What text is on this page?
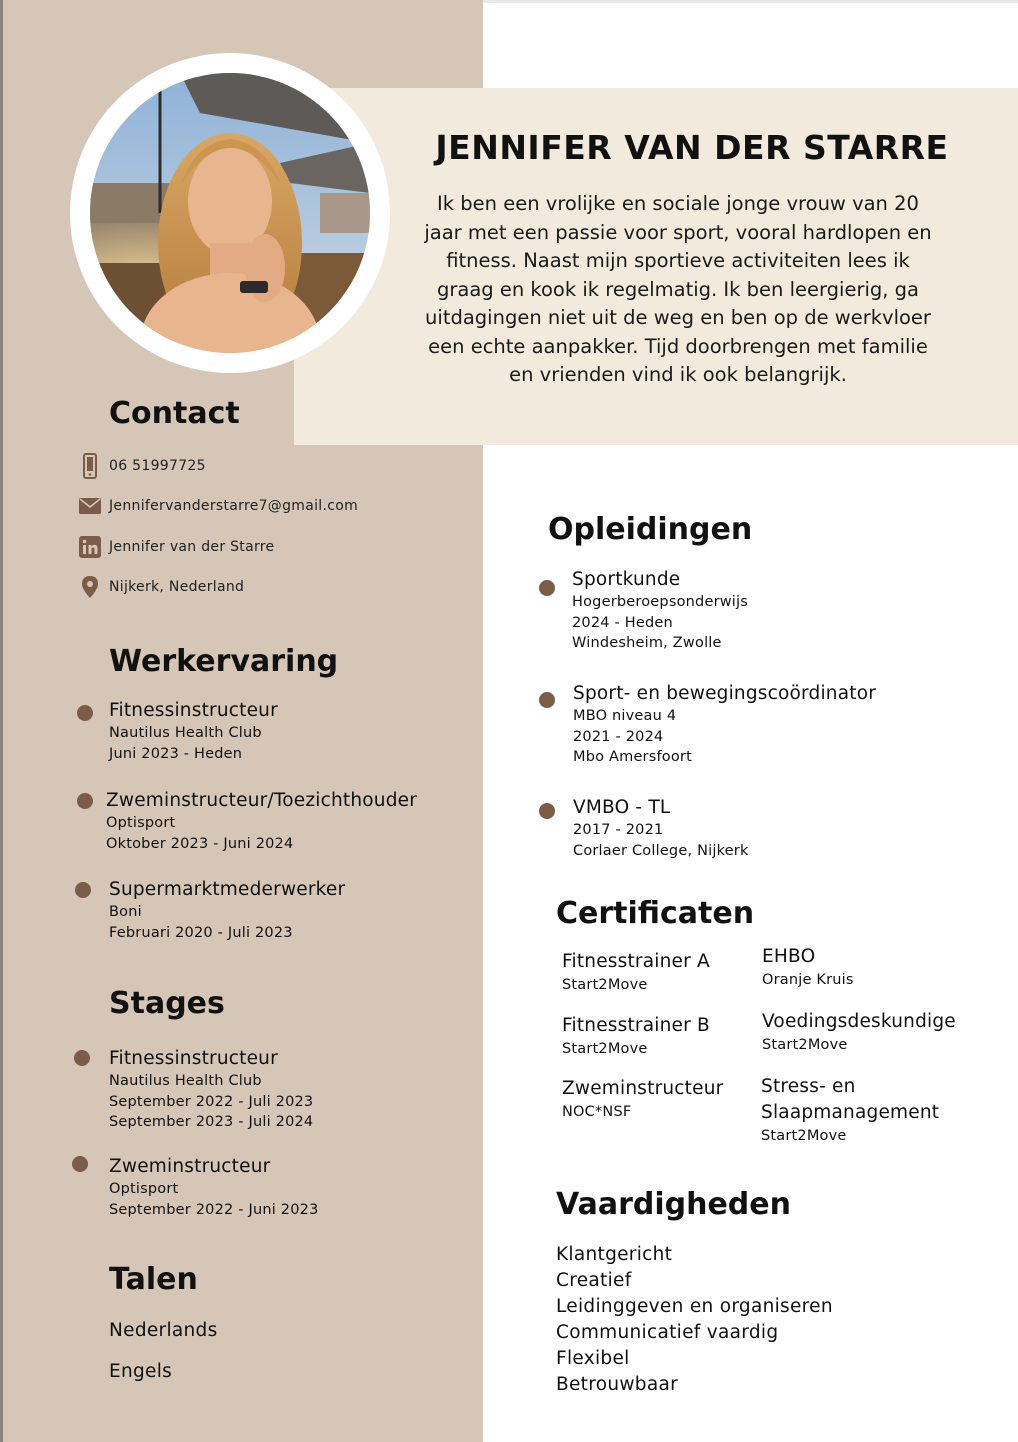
JENNIFER VAN DER STARRE
Ik ben een vrolijke en sociale jonge vrouw van 20 jaar met een passie voor sport, vooral hardlopen en fitness. Naast mijn sportieve activiteiten lees ik graag en kook ik regelmatig. Ik ben leergierig, ga uitdagingen niet uit de weg en ben op de werkvloer een echte aanpakker. Tijd doorbrengen met familie en vrienden vind ik ook belangrijk.
Contact
06 51997725
Jennifervanderstarre7@gmail.com
Jennifer van der Starre
Nijkerk, Nederland
Werkervaring
Fitnessinstructeur
Nautilus Health Club
Juni 2023 - Heden
Zweminstructeur/Toezichthouder
Optisport
Oktober 2023 - Juni 2024
Supermarktmederwerker
Boni
Februari 2020 - Juli 2023
Stages
Fitnessinstructeur
Nautilus Health Club
September 2022 - Juli 2023
September 2023 - Juli 2024
Zweminstructeur
Optisport
September 2022 - Juni 2023
Talen
Nederlands
Engels
Opleidingen
Sportkunde
Hogerberoepsonderwijs
2024 - Heden
Windesheim, Zwolle
Sport- en bewegingscoördinator
MBO niveau 4
2021 - 2024
Mbo Amersfoort
VMBO - TL
2017 - 2021
Corlaer College, Nijkerk
Certificaten
Fitnesstrainer A
Start2Move
EHBO
Oranje Kruis
Fitnesstrainer B
Start2Move
Voedingsdeskundige
Start2Move
Zweminstructeur
NOC*NSF
Stress- en Slaapmanagement
Start2Move
Vaardigheden
Klantgericht
Creatief
Leidinggeven en organiseren
Communicatief vaardig
Flexibel
Betrouwbaar
